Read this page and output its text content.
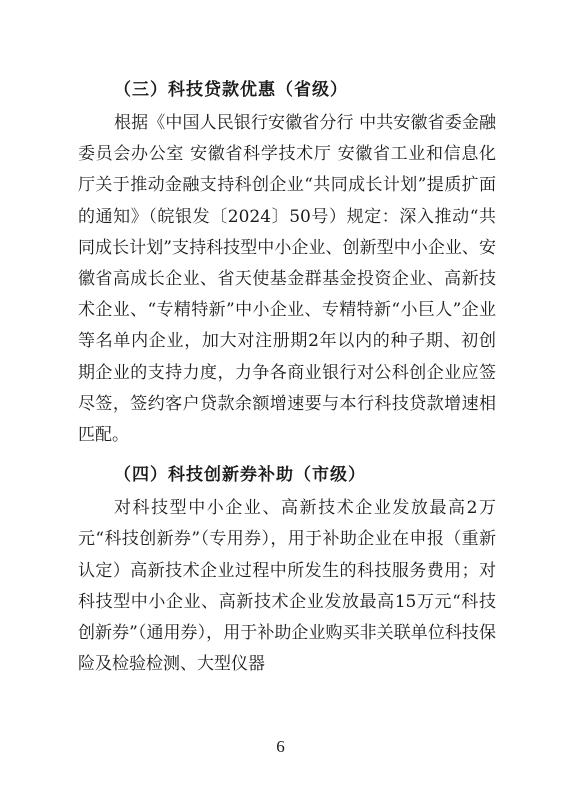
（三）科技贷款优惠（省级）

根据《中国人民银行安徽省分行 中共安徽省委金融委员会办公室 安徽省科学技术厅 安徽省工业和信息化厅关于推动金融支持科创企业“共同成长计划”提质扩面的通知》（皖银发〔2024〕50号）规定：深入推动“共同成长计划”支持科技型中小企业、创新型中小企业、安徽省高成长企业、省天使基金群基金投资企业、高新技术企业、“专精特新”中小企业、专精特新“小巨人”企业等名单内企业，加大对注册期2年以内的种子期、初创期企业的支持力度，力争各商业银行对公科创企业应签尽签，签约客户贷款余额增速要与本行科技贷款增速相匹配。

（四）科技创新券补助（市级）

对科技型中小企业、高新技术企业发放最高2万元“科技创新券”（专用券），用于补助企业在申报（重新认定）高新技术企业过程中所发生的科技服务费用；对科技型中小企业、高新技术企业发放最高15万元“科技创新券”（通用券），用于补助企业购买非关联单位科技保险及检验检测、大型仪器

6
